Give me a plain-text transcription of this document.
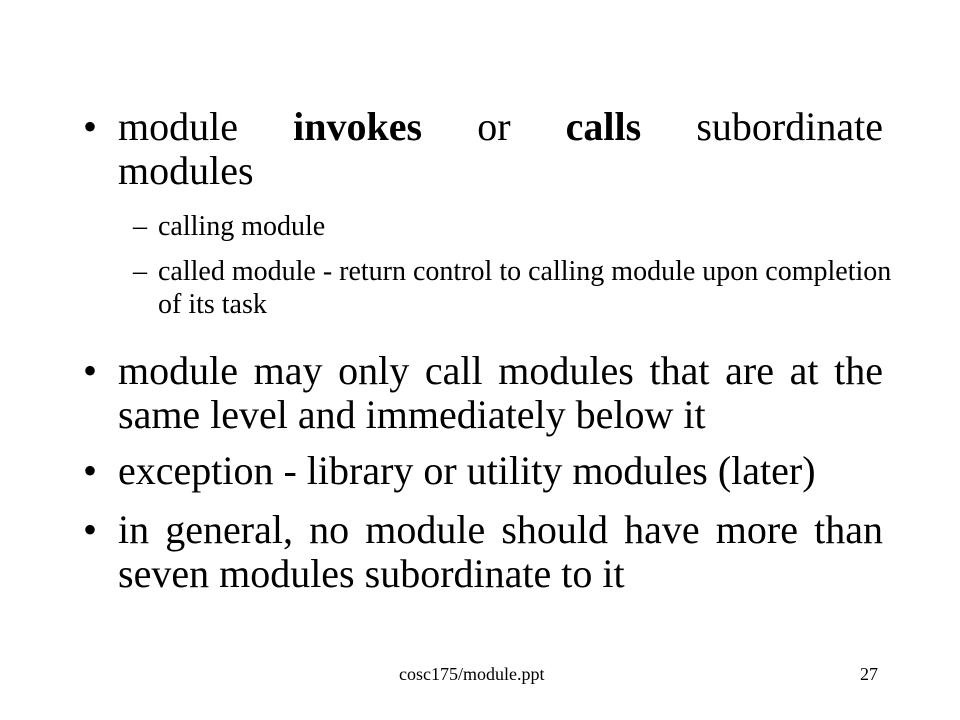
• module invokes or calls subordinate
modules
– calling module
– called module - return control to calling module upon completion of its task
• module may only call modules that are at the same level and immediately below it
• exception - library or utility modules (later)
• in general, no module should have more than seven modules subordinate to it
cosc175/module.ppt	27
